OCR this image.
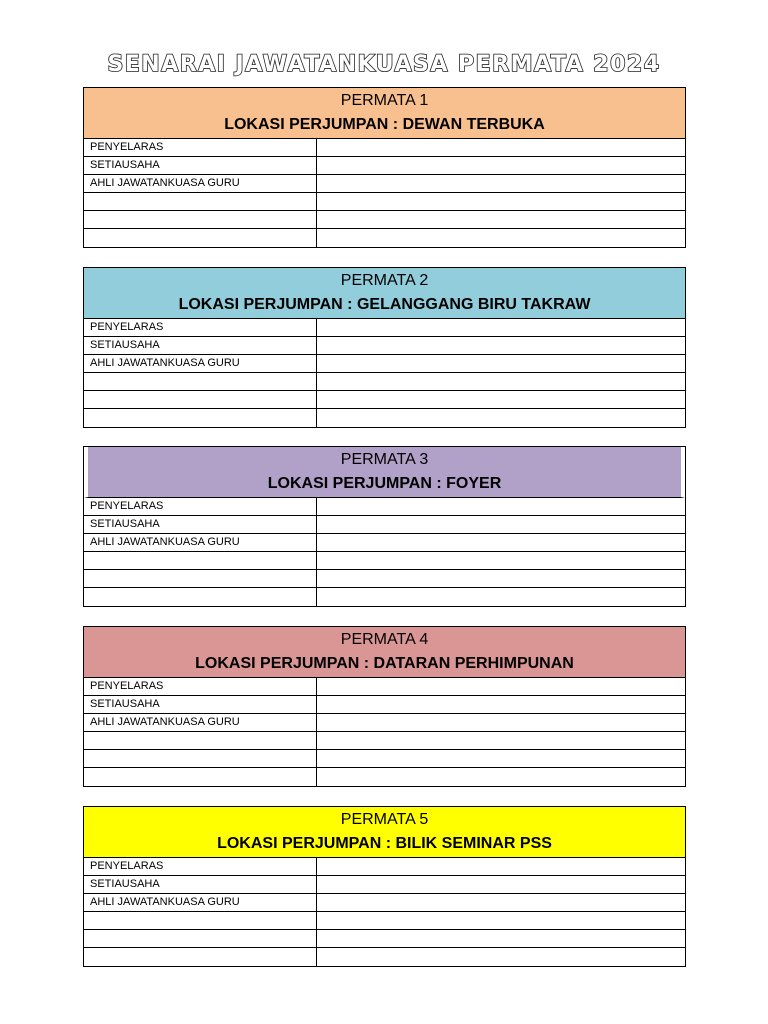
SENARAI JAWATANKUASA PERMATA 2024
PERMATA 1
LOKASI PERJUMPAN : DEWAN TERBUKA
PENYELARAS
SETIAUSAHA
AHLI JAWATANKUASA GURU
PERMATA 2
LOKASI PERJUMPAN : GELANGGANG BIRU TAKRAW
PENYELARAS
SETIAUSAHA
AHLI JAWATANKUASA GURU
PERMATA 3
LOKASI PERJUMPAN : FOYER
PENYELARAS
SETIAUSAHA
AHLI JAWATANKUASA GURU
PERMATA 4
LOKASI PERJUMPAN : DATARAN PERHIMPUNAN
PENYELARAS
SETIAUSAHA
AHLI JAWATANKUASA GURU
PERMATA 5
LOKASI PERJUMPAN : BILIK SEMINAR PSS
PENYELARAS
SETIAUSAHA
AHLI JAWATANKUASA GURU
